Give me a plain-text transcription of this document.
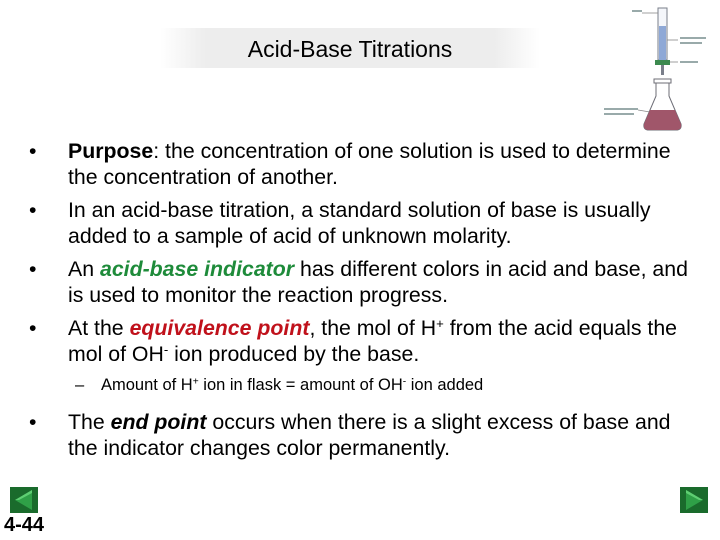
Acid-Base Titrations
• Purpose: the concentration of one solution is used to determine the concentration of another.
• In an acid-base titration, a standard solution of base is usually added to a sample of acid of unknown molarity.
• An acid-base indicator has different colors in acid and base, and is used to monitor the reaction progress.
• At the equivalence point, the mol of H+ from the acid equals the mol of OH- ion produced by the base.
– Amount of H+ ion in flask = amount of OH- ion added
• The end point occurs when there is a slight excess of base and the indicator changes color permanently.
4-44
